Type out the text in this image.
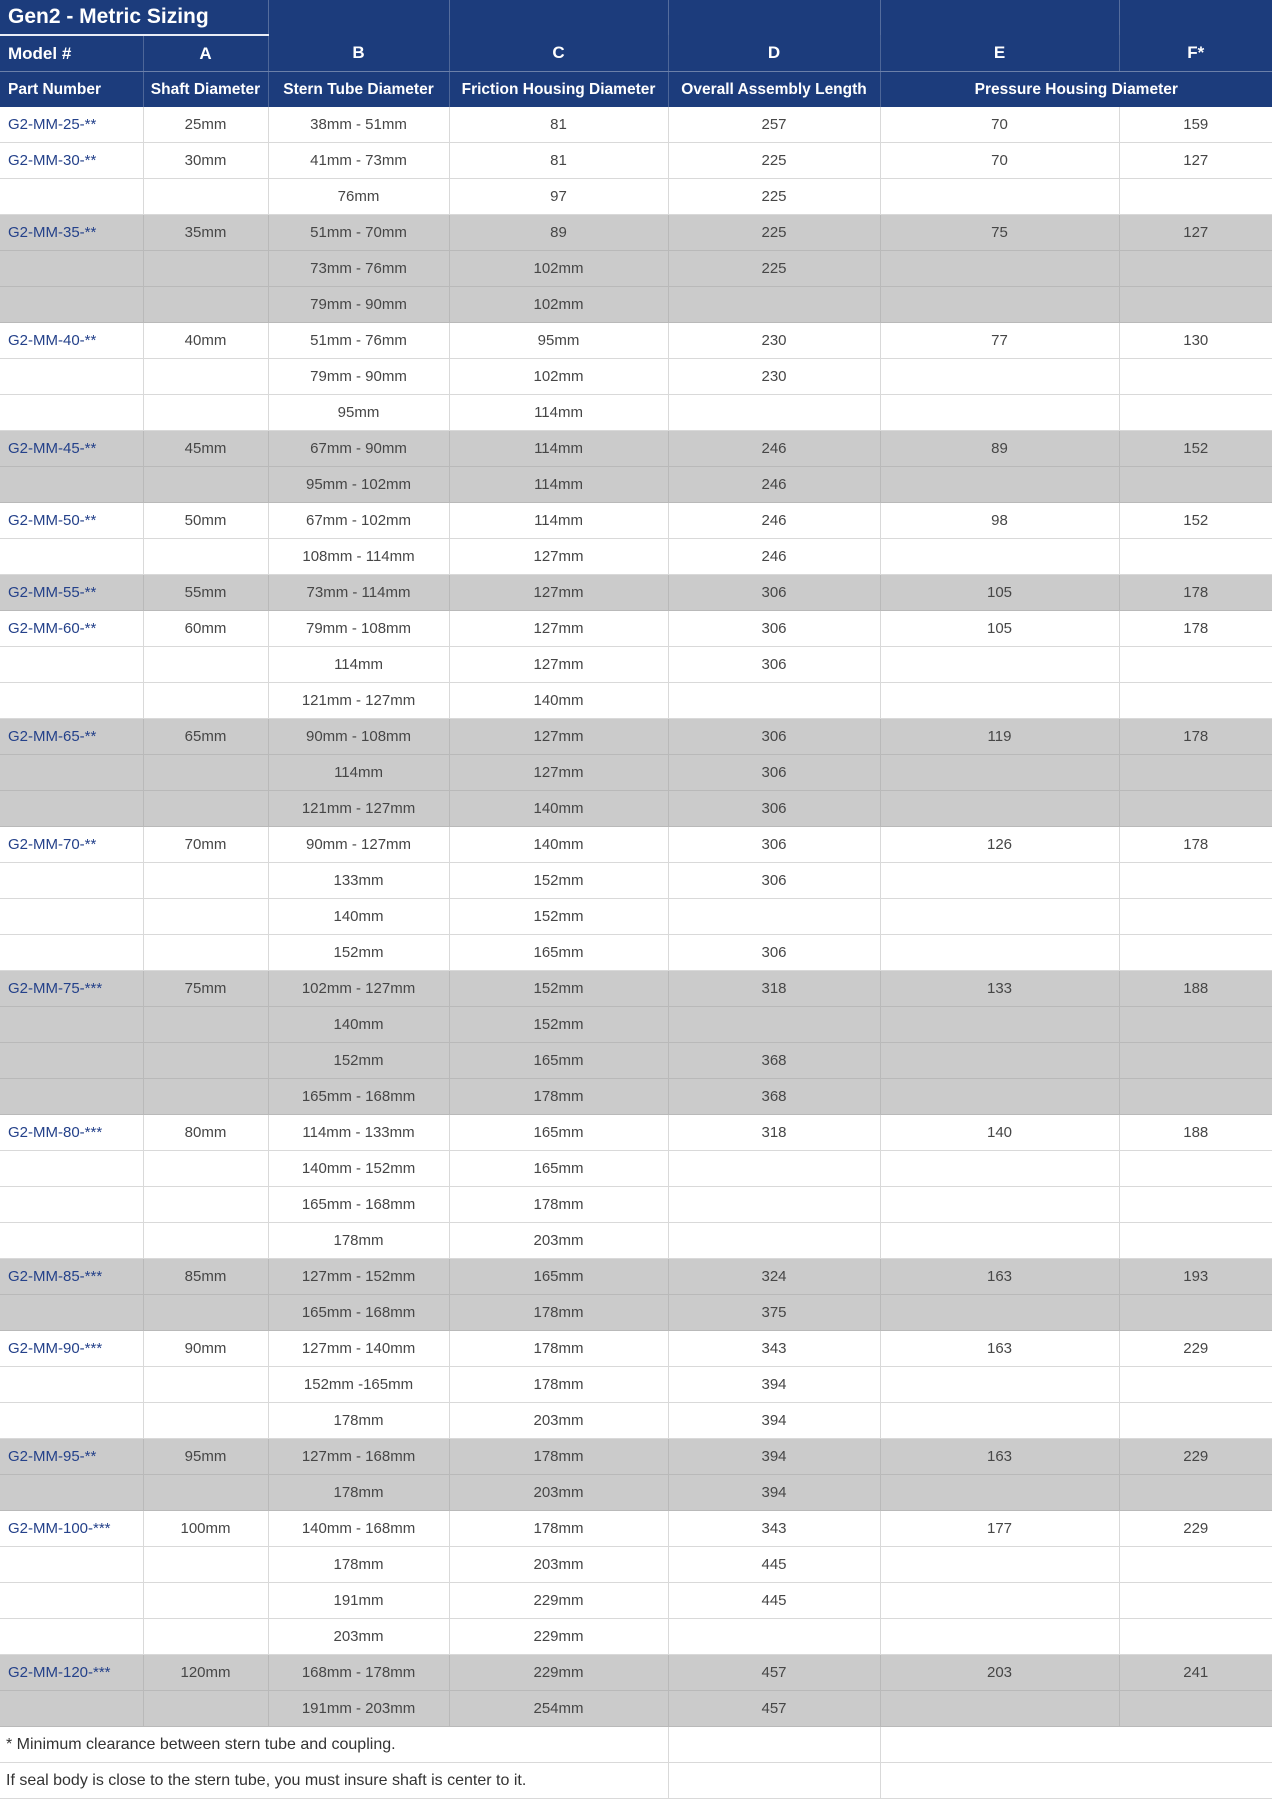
Gen2 - Metric Sizing						
Model #	A	B	C	D	E	F*
Part Number	Shaft Diameter	Stern Tube Diameter	Friction Housing Diameter	Overall Assembly Length	Pressure Housing Diameter	
G2-MM-25-**	25mm	38mm - 51mm	81	257	70	159
G2-MM-30-**	30mm	41mm - 73mm	81	225	70	127
		76mm	97	225		
G2-MM-35-**	35mm	51mm - 70mm	89	225	75	127
		73mm - 76mm	102mm	225		
		79mm - 90mm	102mm			
G2-MM-40-**	40mm	51mm - 76mm	95mm	230	77	130
		79mm - 90mm	102mm	230		
		95mm	114mm			
G2-MM-45-**	45mm	67mm - 90mm	114mm	246	89	152
		95mm - 102mm	114mm	246		
G2-MM-50-**	50mm	67mm - 102mm	114mm	246	98	152
		108mm - 114mm	127mm	246		
G2-MM-55-**	55mm	73mm - 114mm	127mm	306	105	178
G2-MM-60-**	60mm	79mm - 108mm	127mm	306	105	178
		114mm	127mm	306		
		121mm - 127mm	140mm			
G2-MM-65-**	65mm	90mm - 108mm	127mm	306	119	178
		114mm	127mm	306		
		121mm - 127mm	140mm	306		
G2-MM-70-**	70mm	90mm - 127mm	140mm	306	126	178
		133mm	152mm	306		
		140mm	152mm			
		152mm	165mm	306		
G2-MM-75-***	75mm	102mm - 127mm	152mm	318	133	188
		140mm	152mm			
		152mm	165mm	368		
		165mm - 168mm	178mm	368		
G2-MM-80-***	80mm	114mm - 133mm	165mm	318	140	188
		140mm - 152mm	165mm			
		165mm - 168mm	178mm			
		178mm	203mm			
G2-MM-85-***	85mm	127mm - 152mm	165mm	324	163	193
		165mm - 168mm	178mm	375		
G2-MM-90-***	90mm	127mm - 140mm	178mm	343	163	229
		152mm -165mm	178mm	394		
		178mm	203mm	394		
G2-MM-95-**	95mm	127mm - 168mm	178mm	394	163	229
		178mm	203mm	394		
G2-MM-100-***	100mm	140mm - 168mm	178mm	343	177	229
		178mm	203mm	445		
		191mm	229mm	445		
		203mm	229mm			
G2-MM-120-***	120mm	168mm - 178mm	229mm	457	203	241
		191mm - 203mm	254mm	457		
* Minimum clearance between stern tube and coupling.						
If seal body is close to the stern tube, you must insure shaft is center to it.						
